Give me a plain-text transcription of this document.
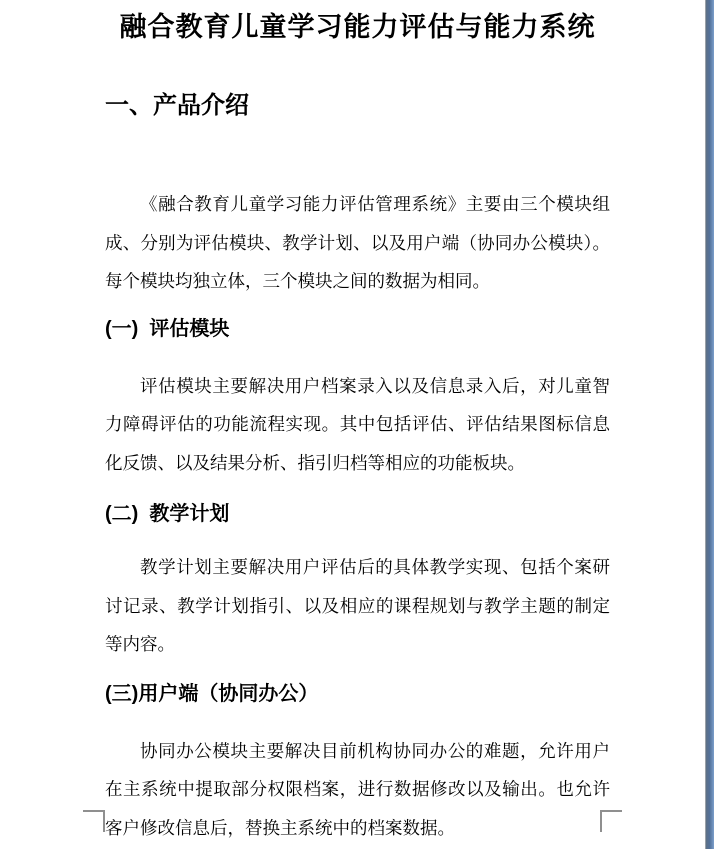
融合教育儿童学习能力评估与能力系统
一、产品介绍

《融合教育儿童学习能力评估管理系统》主要由三个模块组成、分别为评估模块、教学计划、以及用户端（协同办公模块）。每个模块均独立体，三个模块之间的数据为相同。

(一)  评估模块

评估模块主要解决用户档案录入以及信息录入后，对儿童智力障碍评估的功能流程实现。其中包括评估、评估结果图标信息化反馈、以及结果分析、指引归档等相应的功能板块。

(二)  教学计划

教学计划主要解决用户评估后的具体教学实现、包括个案研讨记录、教学计划指引、以及相应的课程规划与教学主题的制定等内容。

(三)用户端（协同办公）

协同办公模块主要解决目前机构协同办公的难题，允许用户在主系统中提取部分权限档案，进行数据修改以及输出。也允许客户修改信息后，替换主系统中的档案数据。
